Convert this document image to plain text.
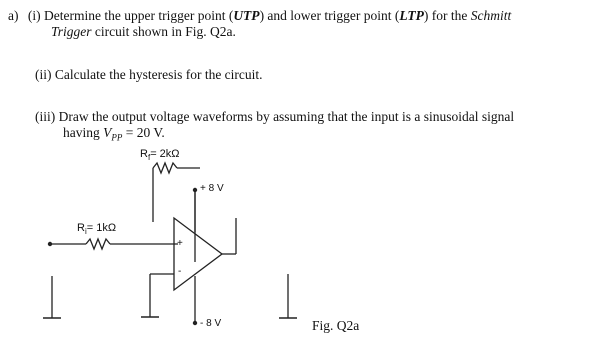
a) (i) Determine the upper trigger point (UTP) and lower trigger point (LTP) for the Schmitt
Trigger circuit shown in Fig. Q2a.
(ii) Calculate the hysteresis for the circuit.
(iii) Draw the output voltage waveforms by assuming that the input is a sinusoidal signal
having $V_{PP} = 20$ V.
$R_f= 2k\Omega$
$R_i= 1k\Omega$
+ 8 V
- 8 V
+
-
Fig. Q2a
